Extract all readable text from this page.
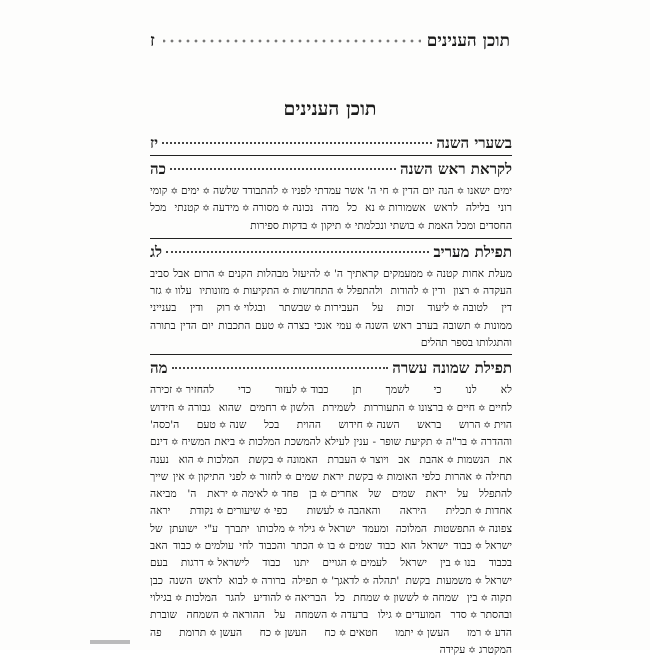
תוכן הענינים
ז
תוכן הענינים
בשערי השנה
יז
לקראת ראש השנה
כה
ימים ישאנו✡הנה יום הדין✡חי ה' אשר עמדתי לפניו✡להתבודד שלשה✡ימים✡קומי רוני בלילה לראש אשמורות✡נא כל מדה נכונה✡מסורה✡מידעה✡קטנתי מכל החסדים ומכל האמת✡בושתי ונכלמתי✡תיקון✡בדקות ספירות
תפילת מעריב
לג
מעלת אחות קטנה✡ממעמקים קראתיך ה'✡להיעזל מבהלות הקנים✡הרום אבל סביב העקדה✡רצון ודין✡להודות ולהתפלל✡התחדשות✡התקיעות✡מזונותיו עלוו✡גזר דין לטובה✡ליעוד זכות על העבירות✡שבשתר ובגלוי✡רוק ודין בענייני ממונות✡תשובה בערב ראש השנה✡עמי אנכי בצרה✡טעם התכבות יום הדין בתורה והתגלותו בספר תהלים
תפילת שמונה עשרה
מה
לא לנו כי לשמך תן כבוד✡לעזור כדי להחזיר✡זכירה לחיים✡חיים✡ברצונו✡התעוררות לשמירת הלשון✡רחמים שהוא גבורה✡חידוש הוית✡הרוש בראש השנה✡חידוש ההוית בכל שנה✡טעם ה'כסה' וההדרה✡בר"ה✡תקיעת שופר - ענין לעילא להמשכת המלכות✡ביאת המשיח✡דינם את הנשמות✡אהבת אב ויוצר✡העברת האמונה✡בקשת המלכות✡הוא נענה תחילה✡אהרות כלפי האומות✡בקשת יראת שמים✡לחזור✡לפני התיקון✡אין שייך להתפלל על יראת שמים של אחרים✡בן פחד✡לאימה✡יראת ה' מביאה אחדות✡תכלית היראה והאהבה✡לעשות כפי✡שיעורים✡נקודת יראה צפונה✡התפשטות המלוכה ומעמד ישראל✡גילוי✡מלכותו יתברך ע"י ישועתן של ישראל✡כבוד ישראל הוא כבוד שמים✡בו✡הכתר והכבוד לחי עולמים✡כבוד האב בכבוד בנו✡בין ישראל לעמים✡הגויים יתנו כבוד לישראל✡דרגות בעם ישראל✡משמעות בקשת 'תהלה✡לדאגך'✡תפילה ברורה✡לבוא לראש השנה כבן תקוה✡בין שמחה✡לששון✡שמחת כל הבריאה✡להודיע להגר המלכות✡בגילוי ובהסתר✡סדר המועדים✡גילו ברעדה✡השמחה על ההוראה✡השמחה שוברת הדע✡רמז העשן✡יתמו חטאים✡כח העשן✡כח העשן✡תרומת פה המקטרג✡עקידה
